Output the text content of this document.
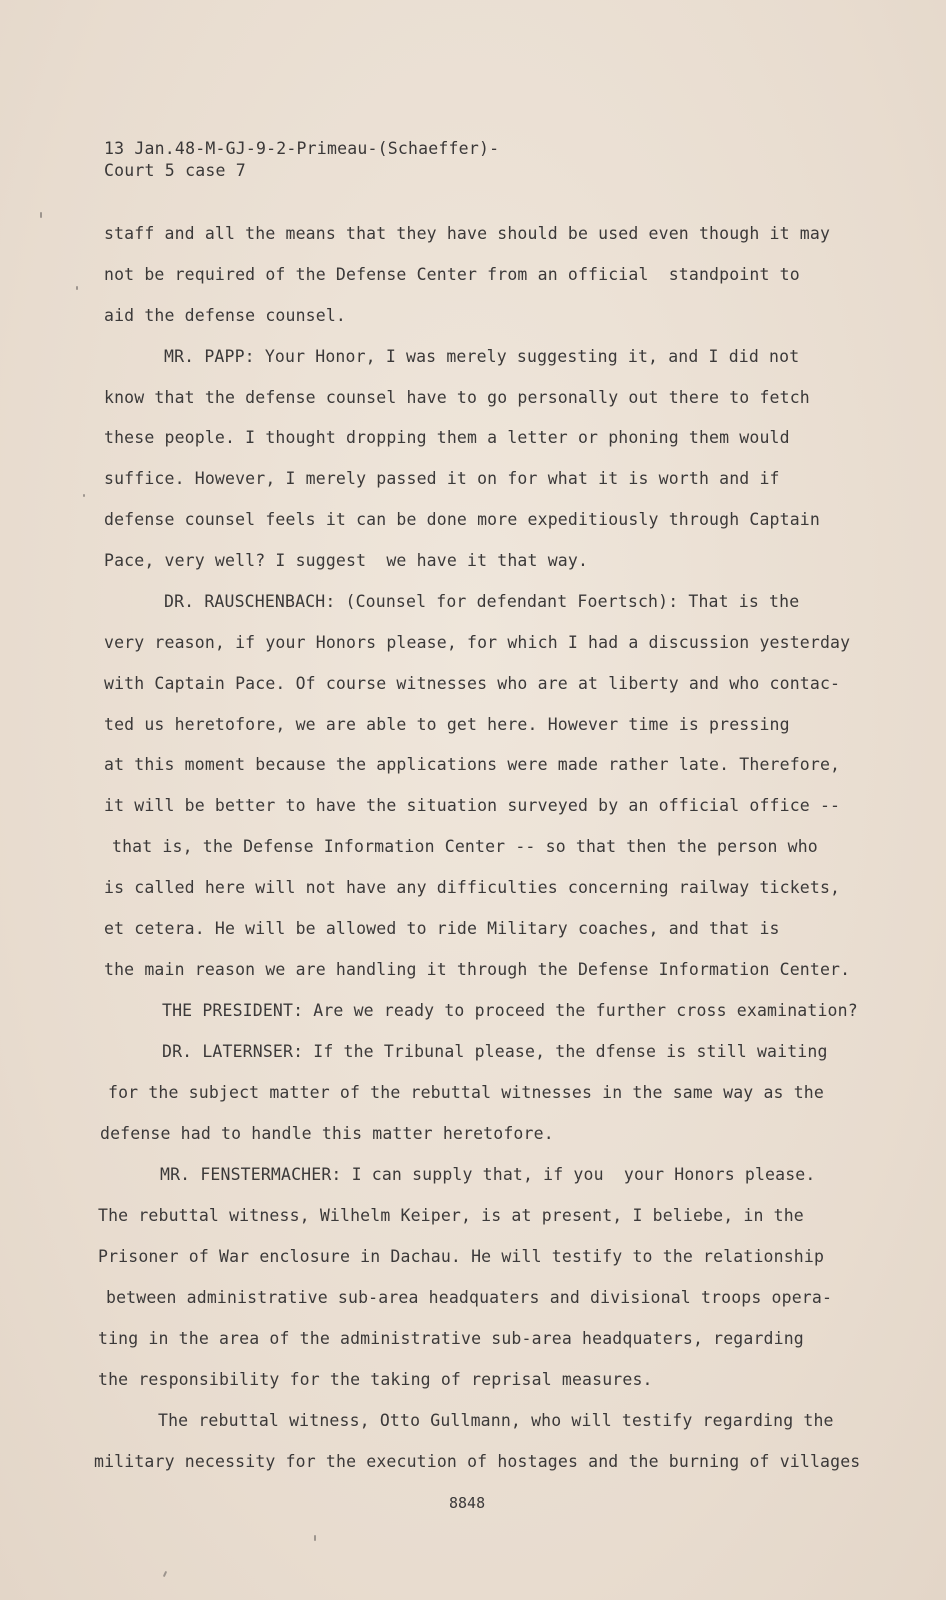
13 Jan.48-M-GJ-9-2-Primeau-(Schaeffer)-
Court 5 case 7
staff and all the means that they have should be used even though it may
not be required of the Defense Center from an official  standpoint to
aid the defense counsel.
MR. PAPP: Your Honor, I was merely suggesting it, and I did not
know that the defense counsel have to go personally out there to fetch
these people. I thought dropping them a letter or phoning them would
suffice. However, I merely passed it on for what it is worth and if
defense counsel feels it can be done more expeditiously through Captain
Pace, very well? I suggest  we have it that way.
DR. RAUSCHENBACH: (Counsel for defendant Foertsch): That is the
very reason, if your Honors please, for which I had a discussion yesterday
with Captain Pace. Of course witnesses who are at liberty and who contac-
ted us heretofore, we are able to get here. However time is pressing
at this moment because the applications were made rather late. Therefore,
it will be better to have the situation surveyed by an official office --
that is, the Defense Information Center -- so that then the person who
is called here will not have any difficulties concerning railway tickets,
et cetera. He will be allowed to ride Military coaches, and that is
the main reason we are handling it through the Defense Information Center.
THE PRESIDENT: Are we ready to proceed the further cross examination?
DR. LATERNSER: If the Tribunal please, the dfense is still waiting
for the subject matter of the rebuttal witnesses in the same way as the
defense had to handle this matter heretofore.
MR. FENSTERMACHER: I can supply that, if you  your Honors please.
The rebuttal witness, Wilhelm Keiper, is at present, I beliebe, in the
Prisoner of War enclosure in Dachau. He will testify to the relationship
between administrative sub-area headquaters and divisional troops opera-
ting in the area of the administrative sub-area headquaters, regarding
the responsibility for the taking of reprisal measures.
The rebuttal witness, Otto Gullmann, who will testify regarding the
military necessity for the execution of hostages and the burning of villages
8848
